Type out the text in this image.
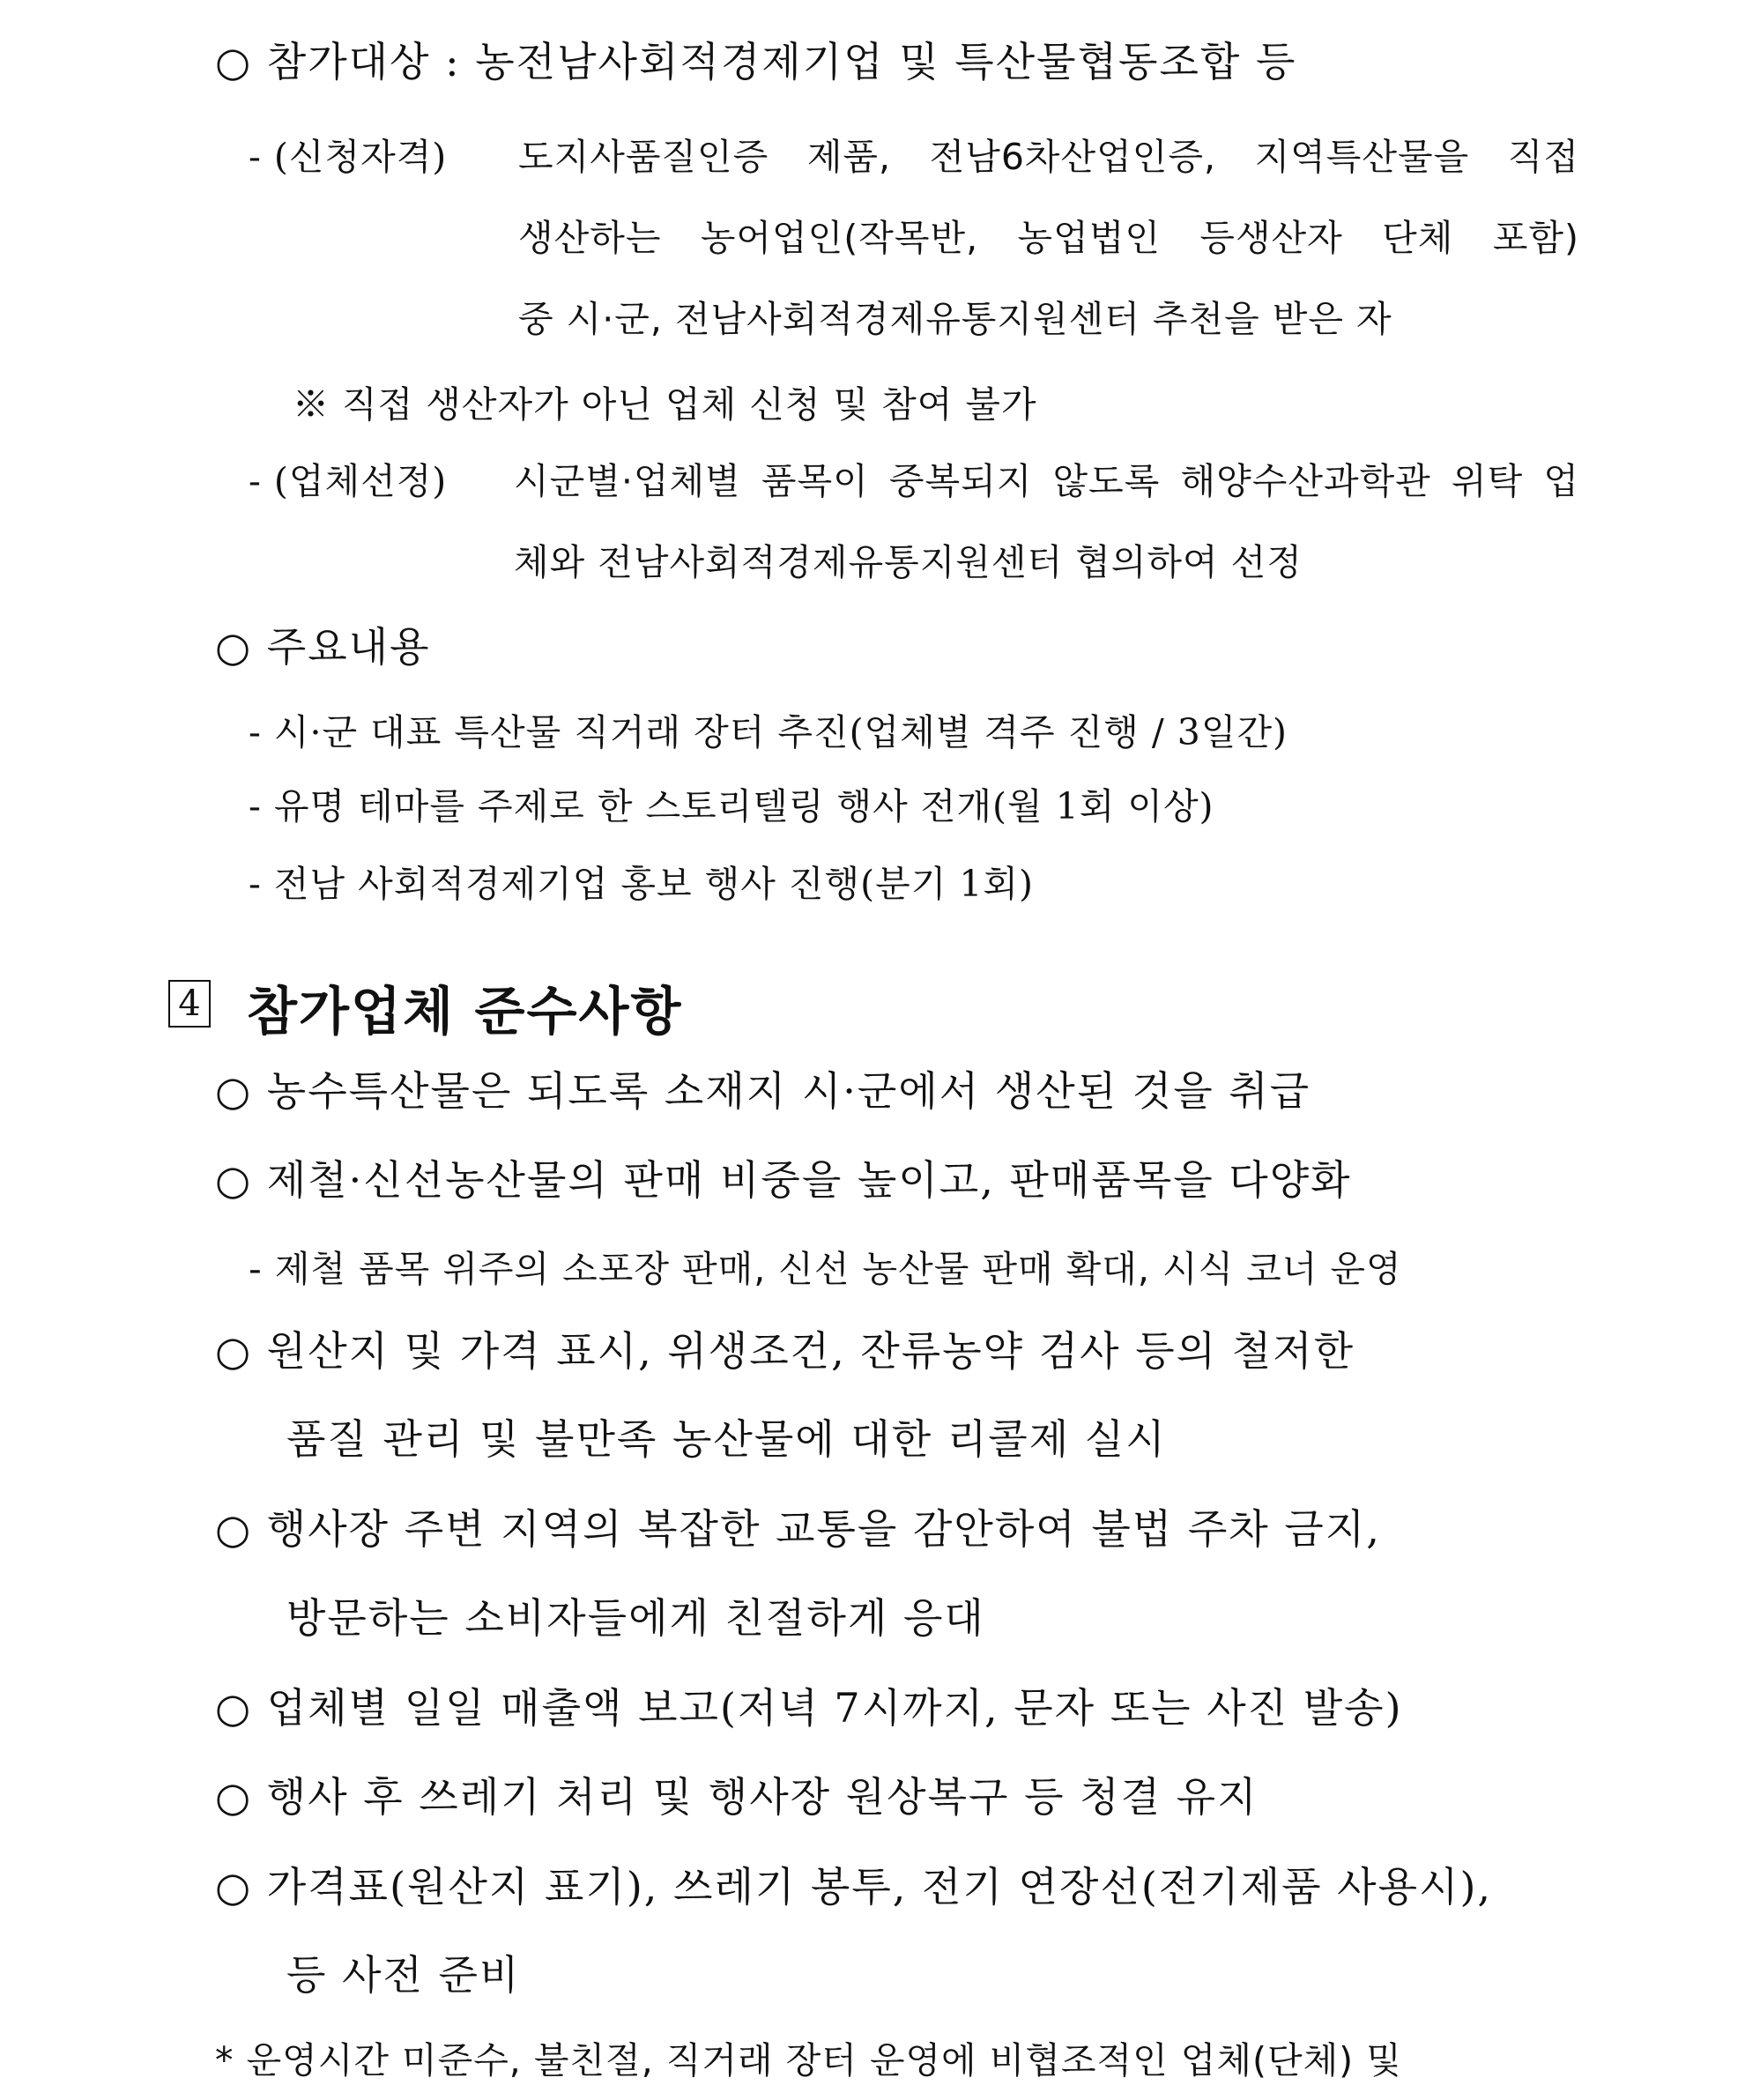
○ 참가대상 : 농전남사회적경제기업 및 특산물협동조합 등
- (신청자격) 도지사품질인증 제품, 전남6차산업인증, 지역특산물을 직접
생산하는 농어업인(작목반, 농업법인 등생산자 단체 포함)
중 시·군, 전남사회적경제유통지원센터 추천을 받은 자
※ 직접 생산자가 아닌 업체 신청 및 참여 불가
- (업체선정) 시군별·업체별 품목이 중복되지 않도록 해양수산과학관 위탁 업
체와 전남사회적경제유통지원센터 협의하여 선정
○ 주요내용
- 시·군 대표 특산물 직거래 장터 추진(업체별 격주 진행 / 3일간)
- 유명 테마를 주제로 한 스토리텔링 행사 전개(월 1회 이상)
- 전남 사회적경제기업 홍보 행사 진행(분기 1회)
4 참가업체 준수사항
○ 농수특산물은 되도록 소재지 시·군에서 생산된 것을 취급
○ 제철·신선농산물의 판매 비중을 높이고, 판매품목을 다양화
- 제철 품목 위주의 소포장 판매, 신선 농산물 판매 확대, 시식 코너 운영
○ 원산지 및 가격 표시, 위생조건, 잔류농약 검사 등의 철저한
품질 관리 및 불만족 농산물에 대한 리콜제 실시
○ 행사장 주변 지역의 복잡한 교통을 감안하여 불법 주차 금지,
방문하는 소비자들에게 친절하게 응대
○ 업체별 일일 매출액 보고(저녁 7시까지, 문자 또는 사진 발송)
○ 행사 후 쓰레기 처리 및 행사장 원상복구 등 청결 유지
○ 가격표(원산지 표기), 쓰레기 봉투, 전기 연장선(전기제품 사용시),
등 사전 준비
* 운영시간 미준수, 불친절, 직거래 장터 운영에 비협조적인 업체(단체) 및
